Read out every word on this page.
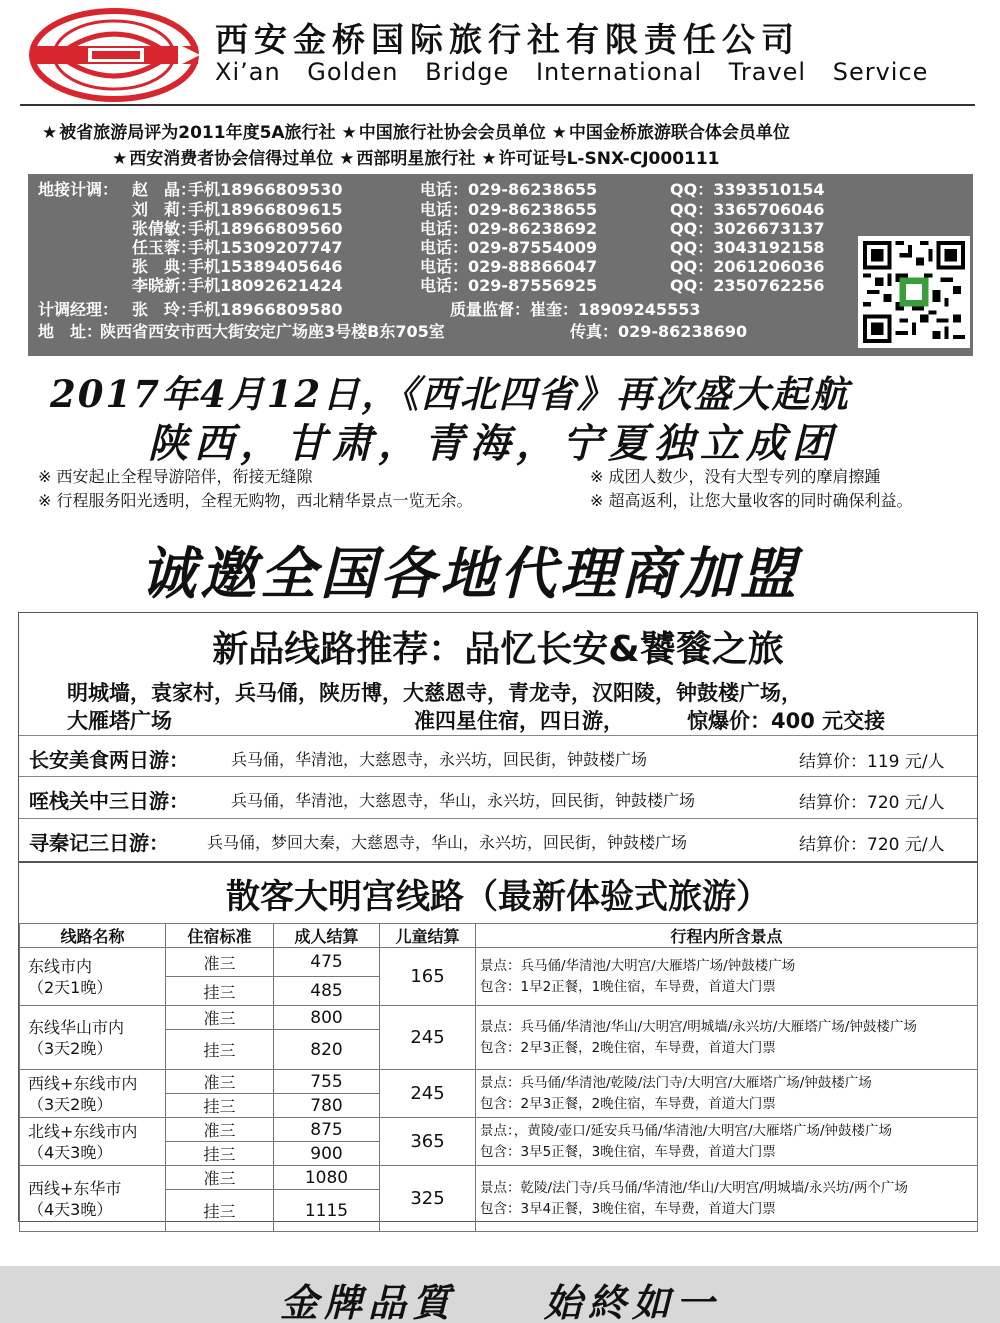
西安金桥国际旅行社有限责任公司
Xi’an Golden Bridge International Travel Service
★ 被省旅游局评为2011年度5A旅行社 ★ 中国旅行社协会会员单位 ★ 中国金桥旅游联合体会员单位
★ 西安消费者协会信得过单位 ★ 西部明星旅行社 ★ 许可证号L-SNX-CJ000111
地接计调： 赵　晶：
手机18966809530	电话：029-86238655	QQ：3393510154
刘　莉：
手机18966809615	电话：029-86238655	QQ：3365706046
张倩敏：
手机18966809560	电话：029-86238692	QQ：3026673137
任玉蓉：
手机15309207747	电话：029-87554009	QQ：3043192158
张　典：
手机15389405646	电话：029-88866047	QQ：2061206036
李晓新：
手机18092621424	电话：029-87556925	QQ：2350762256
计调经理： 张　玲：
手机18966809580	质量监督：崔奎：18909245553
地　址：
陕西省西安市西大街安定广场座3号楼B东705室	传真：029-86238690
2017年4月12日，《西北四省》再次盛大起航
陕西，甘肃，青海，宁夏独立成团
※ 西安起止全程导游陪伴，衔接无缝隙
※ 行程服务阳光透明，全程无购物，西北精华景点一览无余。
※ 成团人数少，没有大型专列的摩肩擦踵
※ 超高返利，让您大量收客的同时确保利益。
诚邀全国各地代理商加盟
新品线路推荐：品忆长安&饕餮之旅
明城墙，袁家村，兵马俑，陕历博，大慈恩寺，青龙寺，汉阳陵，钟鼓楼广场，
大雁塔广场	准四星住宿，四日游，	惊爆价：400 元交接
长安美食两日游：	兵马俑，华清池，大慈恩寺，永兴坊，回民街，钟鼓楼广场	结算价：119 元/人
咥栈关中三日游：	兵马俑，华清池，大慈恩寺，华山，永兴坊，回民街，钟鼓楼广场	结算价：720 元/人
寻秦记三日游： 兵马俑，梦回大秦，大慈恩寺，华山，永兴坊，回民街，钟鼓楼广场	结算价：720 元/人
散客大明宫线路（最新体验式旅游）
线路名称	住宿标准	成人结算	儿童结算	行程内所含景点
东线市内
（2天1晚）	准三	475	165	景点：兵马俑/华清池/大明宫/大雁塔广场/钟鼓楼广场
包含：1早2正餐，1晚住宿，车导费，首道大门票
	挂三	485		
东线华山市内
（3天2晚）	准三	800	245	景点：兵马俑/华清池/华山/大明宫/明城墙/永兴坊/大雁塔广场/钟鼓楼广场
包含：2早3正餐，2晚住宿，车导费，首道大门票
	挂三	820		
西线+东线市内
（3天2晚）	准三	755	245	景点：兵马俑/华清池/乾陵/法门寺/大明宫/大雁塔广场/钟鼓楼广场
包含：2早3正餐，2晚住宿，车导费，首道大门票
	挂三	780		
北线+东线市内
（4天3晚）	准三	875	365	景点：，黄陵/壶口/延安兵马俑/华清池/大明宫/大雁塔广场/钟鼓楼广场
包含：3早5正餐，3晚住宿，车导费，首道大门票
	挂三	900		
西线+东华市
（4天3晚）	准三	1080	325	景点：乾陵/法门寺/兵马俑/华清池/华山/大明宫/明城墙/永兴坊/两个广场
包含：3早4正餐，3晚住宿，车导费，首道大门票
	挂三	1115		
金牌品質　　始終如一
